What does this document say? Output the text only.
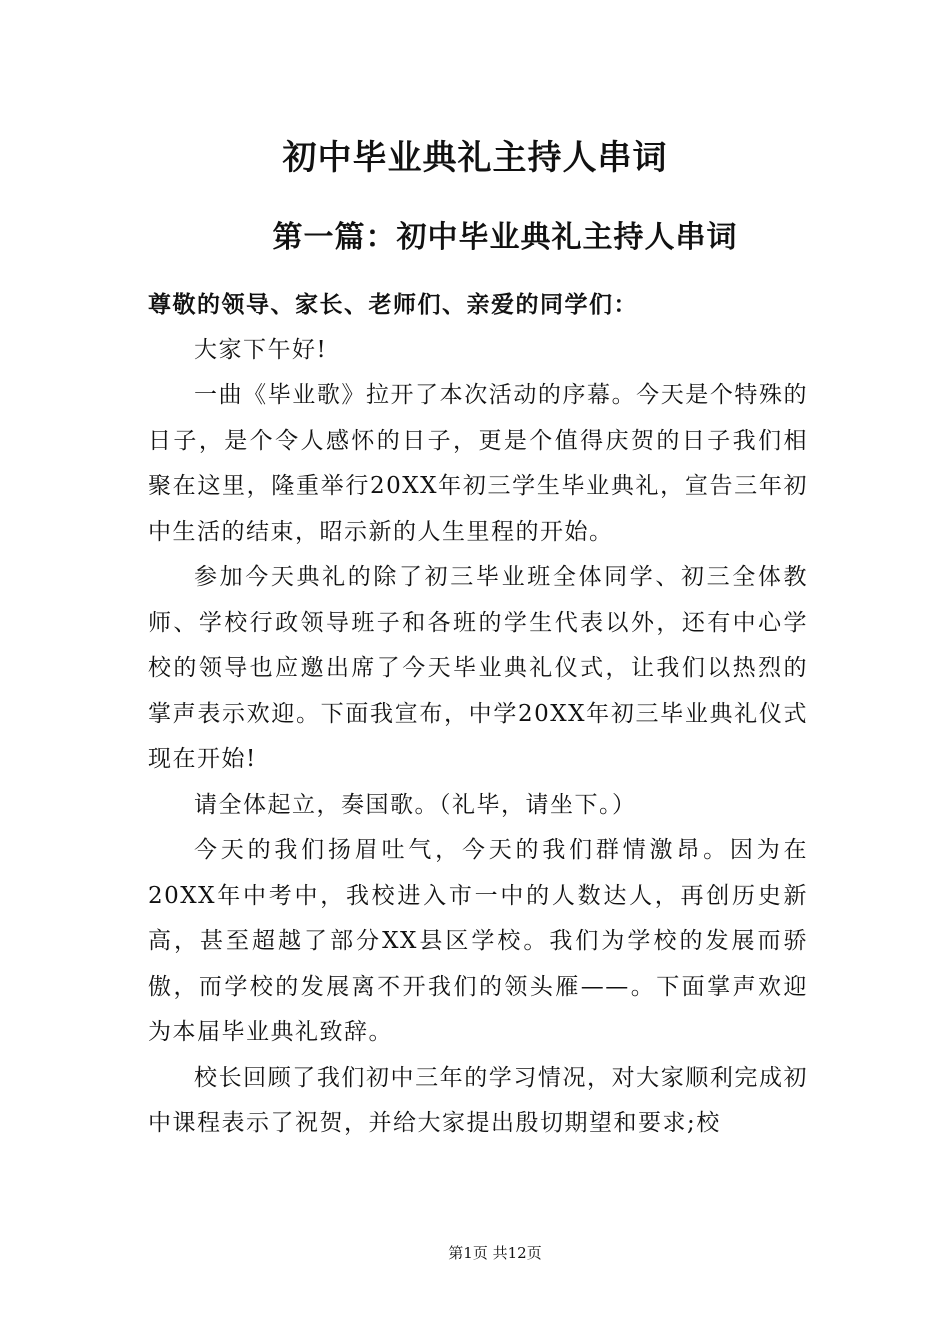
初中毕业典礼主持人串词
第一篇：初中毕业典礼主持人串词

尊敬的领导、家长、老师们、亲爱的同学们：

大家下午好!

一曲《毕业歌》拉开了本次活动的序幕。今天是个特殊的日子，是个令人感怀的日子，更是个值得庆贺的日子我们相聚在这里，隆重举行20XX年初三学生毕业典礼，宣告三年初中生活的结束，昭示新的人生里程的开始。

参加今天典礼的除了初三毕业班全体同学、初三全体教师、学校行政领导班子和各班的学生代表以外，还有中心学校的领导也应邀出席了今天毕业典礼仪式，让我们以热烈的掌声表示欢迎。下面我宣布，中学20XX年初三毕业典礼仪式现在开始!

请全体起立，奏国歌。（礼毕，请坐下。）

今天的我们扬眉吐气，今天的我们群情激昂。因为在20XX年中考中，我校进入市一中的人数达人，再创历史新高，甚至超越了部分XX县区学校。我们为学校的发展而骄傲，而学校的发展离不开我们的领头雁——。下面掌声欢迎为本届毕业典礼致辞。

校长回顾了我们初中三年的学习情况，对大家顺利完成初中课程表示了祝贺，并给大家提出殷切期望和要求;校

第1页 共12页
